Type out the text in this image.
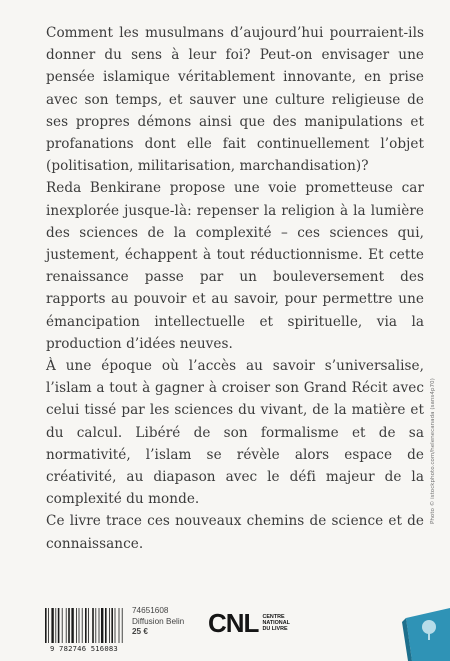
Comment les musulmans d’aujourd’hui pourraient-ils donner du sens à leur foi? Peut-on envisager une pensée islamique véritablement innovante, en prise avec son temps, et sauver une culture religieuse de ses propres démons ainsi que des manipulations et profanations dont elle fait continuellement l’objet (politisation, militarisation, marchandisation)?

Reda Benkirane propose une voie prometteuse car inexplorée jusque-là: repenser la religion à la lumière des sciences de la complexité – ces sciences qui, justement, échappent à tout réductionnisme. Et cette renaissance passe par un bouleversement des rapports au pouvoir et au savoir, pour permettre une émancipation intellectuelle et spirituelle, via la production d’idées neuves.

À une époque où l’accès au savoir s’universalise, l’islam a tout à gagner à croiser son Grand Récit avec celui tissé par les sciences du vivant, de la matière et du calcul. Libéré de son formalisme et de sa normativité, l’islam se révèle alors espace de créativité, au diapason avec le défi majeur de la complexité du monde.

Ce livre trace ces nouveaux chemins de science et de connaissance.

Photo © istockphoto.com/helenecanada (sans4p70)
9 782746 516083
74651608
Diffusion Belin
25 €	CNL CENTRE
NATIONAL
DU LIVRE
